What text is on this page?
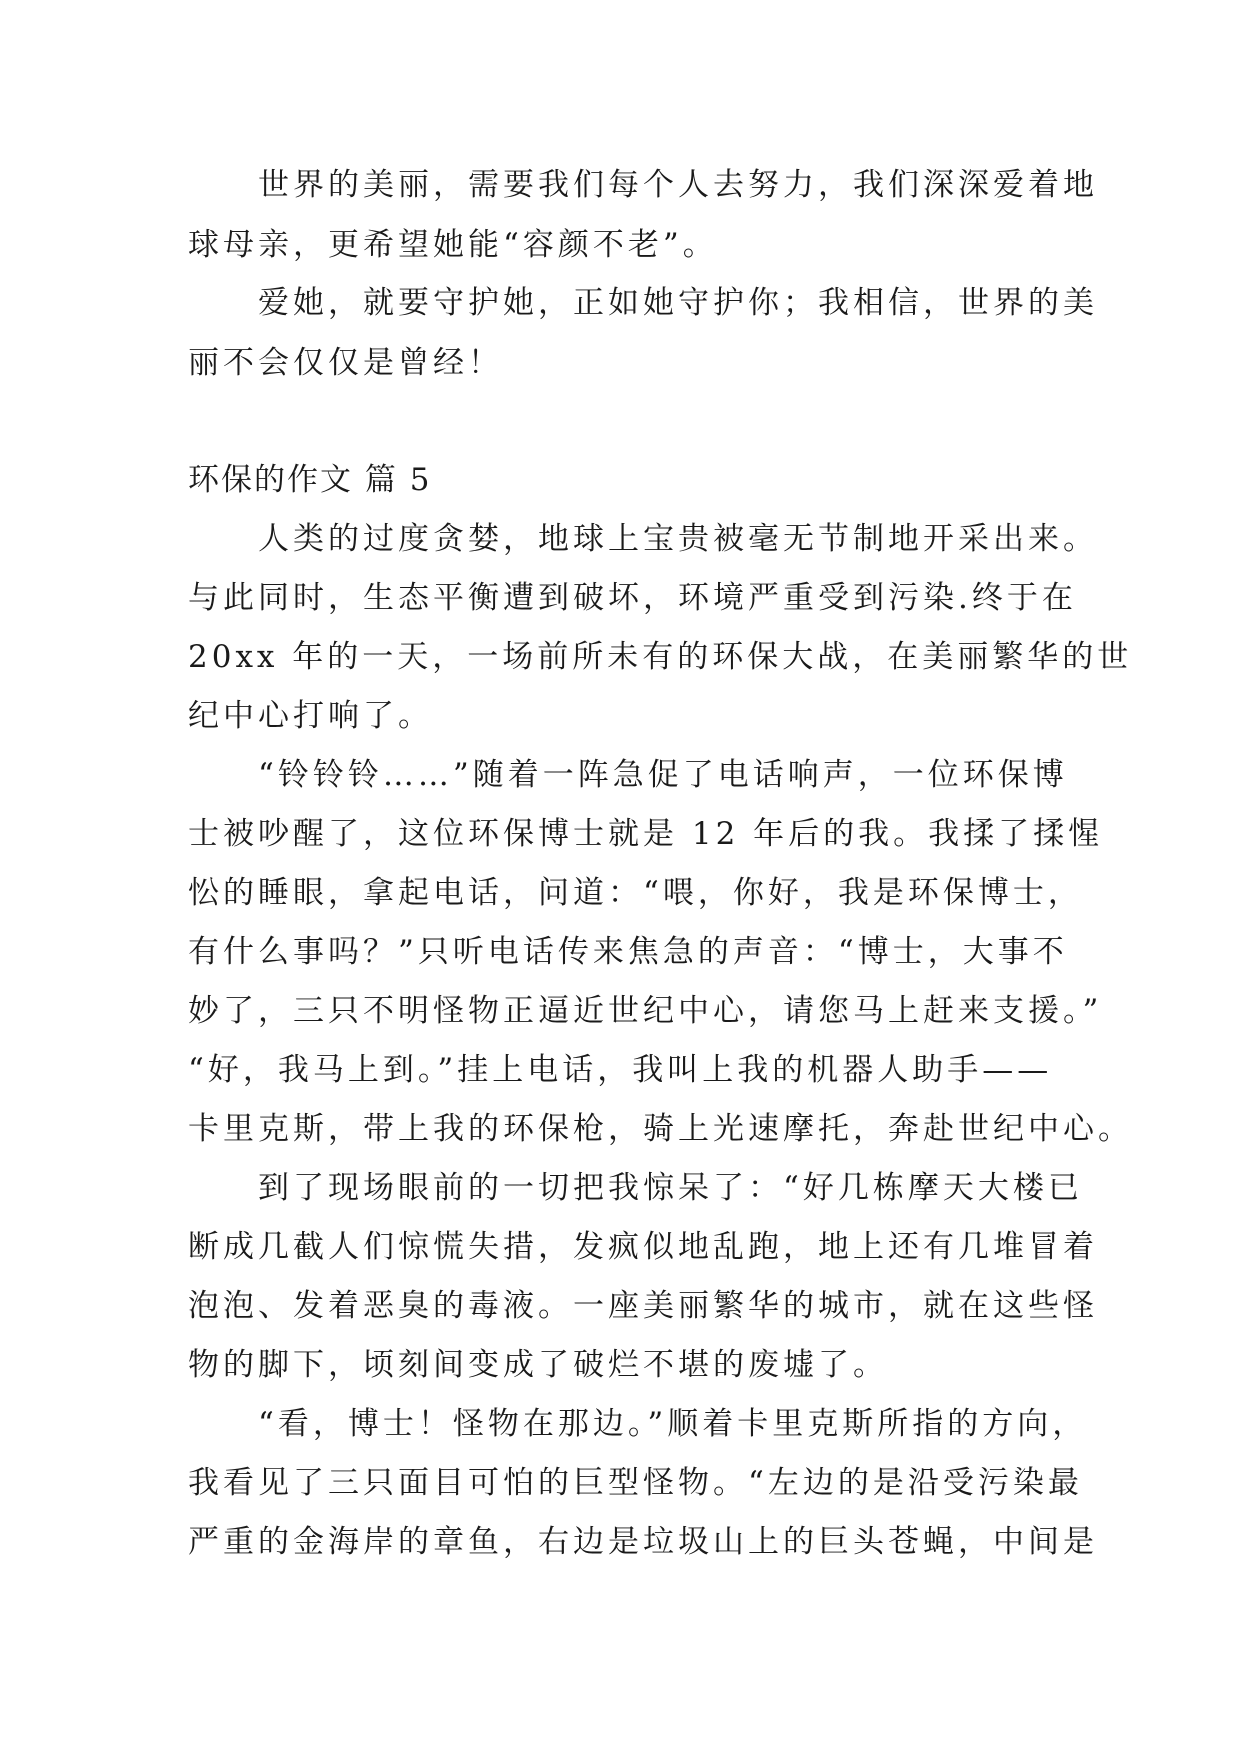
世界的美丽，需要我们每个人去努力，我们深深爱着地
球母亲，更希望她能“容颜不老”。
爱她，就要守护她，正如她守护你；我相信，世界的美
丽不会仅仅是曾经！
环保的作文 篇 5
人类的过度贪婪，地球上宝贵被毫无节制地开采出来。
与此同时，生态平衡遭到破坏，环境严重受到污染.终于在
20xx 年的一天，一场前所未有的环保大战，在美丽繁华的世
纪中心打响了。
“铃铃铃……”随着一阵急促了电话响声，一位环保博
士被吵醒了，这位环保博士就是 12 年后的我。我揉了揉惺
忪的睡眼，拿起电话，问道：“喂，你好，我是环保博士，
有什么事吗？”只听电话传来焦急的声音：“博士，大事不
妙了，三只不明怪物正逼近世纪中心，请您马上赶来支援。”
“好，我马上到。”挂上电话，我叫上我的机器人助手——
卡里克斯，带上我的环保枪，骑上光速摩托，奔赴世纪中心。
到了现场眼前的一切把我惊呆了：“好几栋摩天大楼已
断成几截人们惊慌失措，发疯似地乱跑，地上还有几堆冒着
泡泡、发着恶臭的毒液。一座美丽繁华的城市，就在这些怪
物的脚下，顷刻间变成了破烂不堪的废墟了。
“看，博士！怪物在那边。”顺着卡里克斯所指的方向，
我看见了三只面目可怕的巨型怪物。“左边的是沿受污染最
严重的金海岸的章鱼，右边是垃圾山上的巨头苍蝇，中间是
